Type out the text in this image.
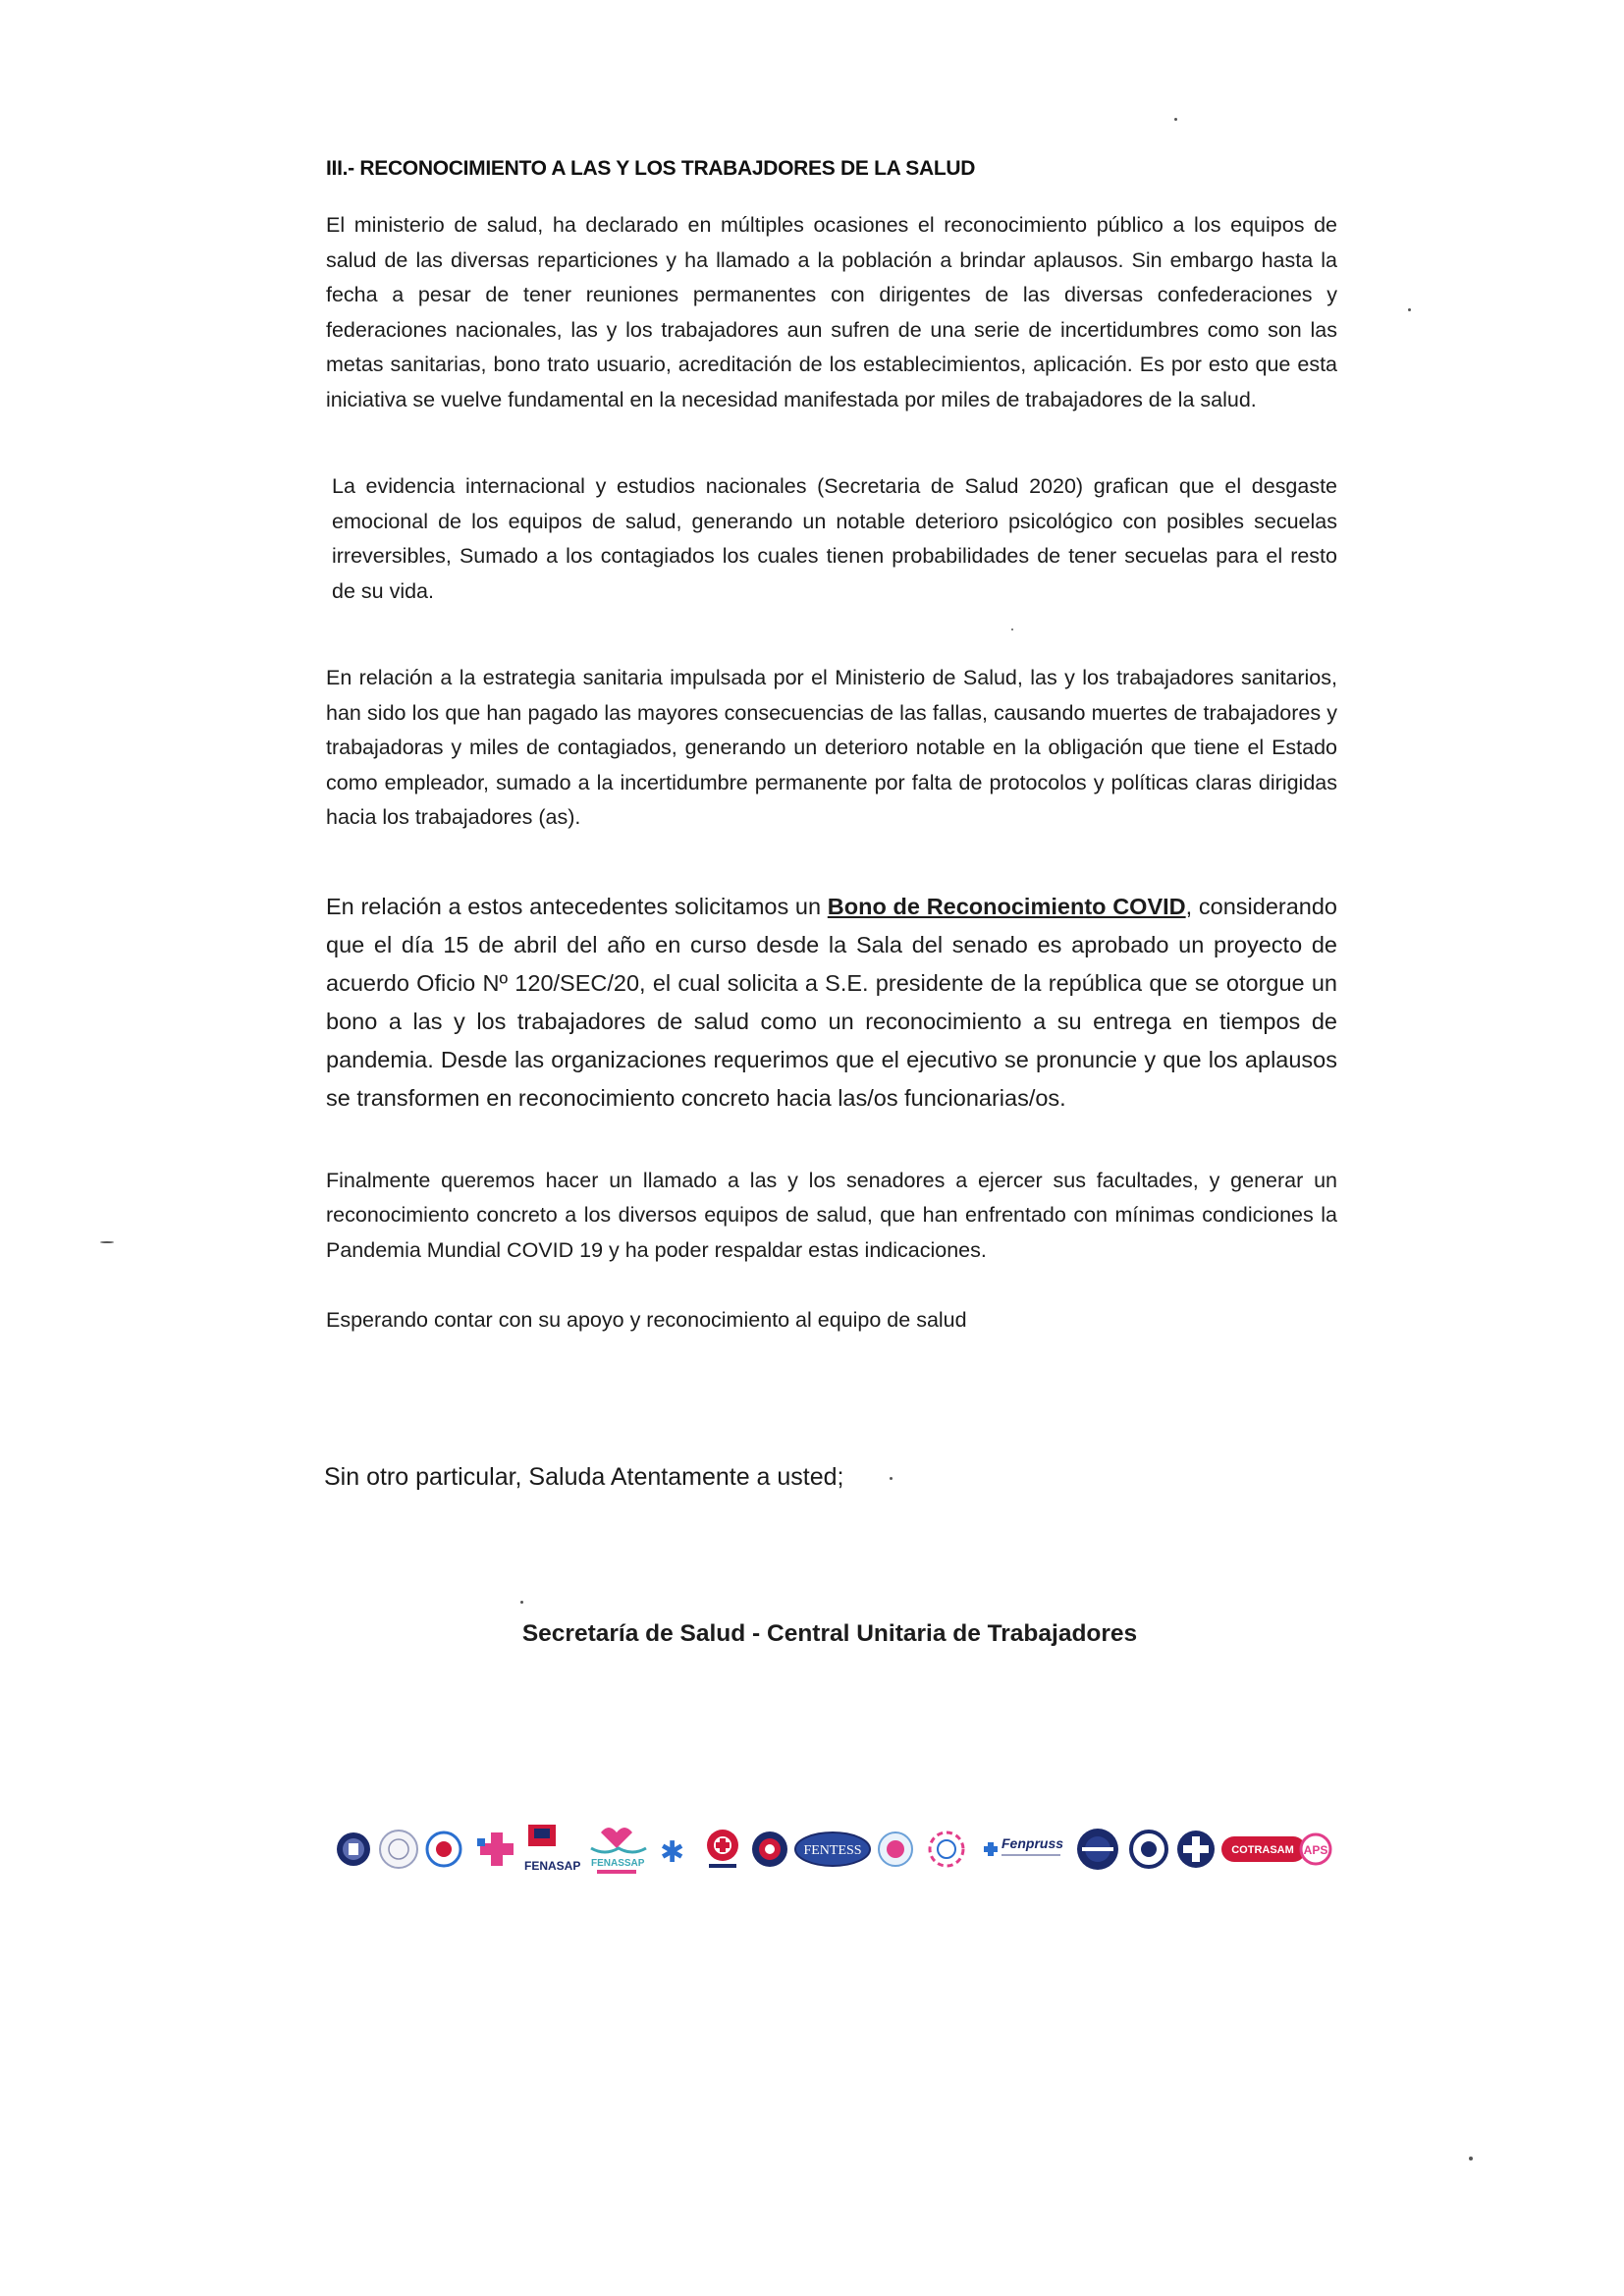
III.- RECONOCIMIENTO A LAS Y LOS TRABAJDORES DE LA SALUD

El ministerio de salud, ha declarado en múltiples ocasiones el reconocimiento público a los equipos de salud de las diversas reparticiones y ha llamado a la población a brindar aplausos. Sin embargo hasta la fecha a pesar de tener reuniones permanentes con dirigentes de las diversas confederaciones y federaciones nacionales, las y los trabajadores aun sufren de una serie de incertidumbres como son las metas sanitarias, bono trato usuario, acreditación de los establecimientos, aplicación. Es por esto que esta iniciativa se vuelve fundamental en la necesidad manifestada por miles de trabajadores de la salud.

La evidencia internacional y estudios nacionales (Secretaria de Salud 2020) grafican que el desgaste emocional de los equipos de salud, generando un notable deterioro psicológico con posibles secuelas irreversibles, Sumado a los contagiados los cuales tienen probabilidades de tener secuelas para el resto de su vida.

En relación a la estrategia sanitaria impulsada por el Ministerio de Salud, las y los trabajadores sanitarios, han sido los que han pagado las mayores consecuencias de las fallas, causando muertes de trabajadores y trabajadoras y miles de contagiados, generando un deterioro notable en la obligación que tiene el Estado como empleador, sumado a la incertidumbre permanente por falta de protocolos y políticas claras dirigidas hacia los trabajadores (as).

En relación a estos antecedentes solicitamos un Bono de Reconocimiento COVID, considerando que el día 15 de abril del año en curso desde la Sala del senado es aprobado un proyecto de acuerdo Oficio Nº 120/SEC/20, el cual solicita a S.E. presidente de la república que se otorgue un bono a las y los trabajadores de salud como un reconocimiento a su entrega en tiempos de pandemia. Desde las organizaciones requerimos que el ejecutivo se pronuncie y que los aplausos se transformen en reconocimiento concreto hacia las/os funcionarias/os.

Finalmente queremos hacer un llamado a las y los senadores a ejercer sus facultades, y generar un reconocimiento concreto a los diversos equipos de salud, que han enfrentado con mínimas condiciones la Pandemia Mundial COVID 19 y ha poder respaldar estas indicaciones.

Esperando contar con su apoyo y reconocimiento al equipo de salud

Sin otro particular, Saluda Atentamente a usted;

Secretaría de Salud - Central Unitaria de Trabajadores

FENASAP FENASSAP ✱	FENTESS	Fenpruss	COTRASAM APS
